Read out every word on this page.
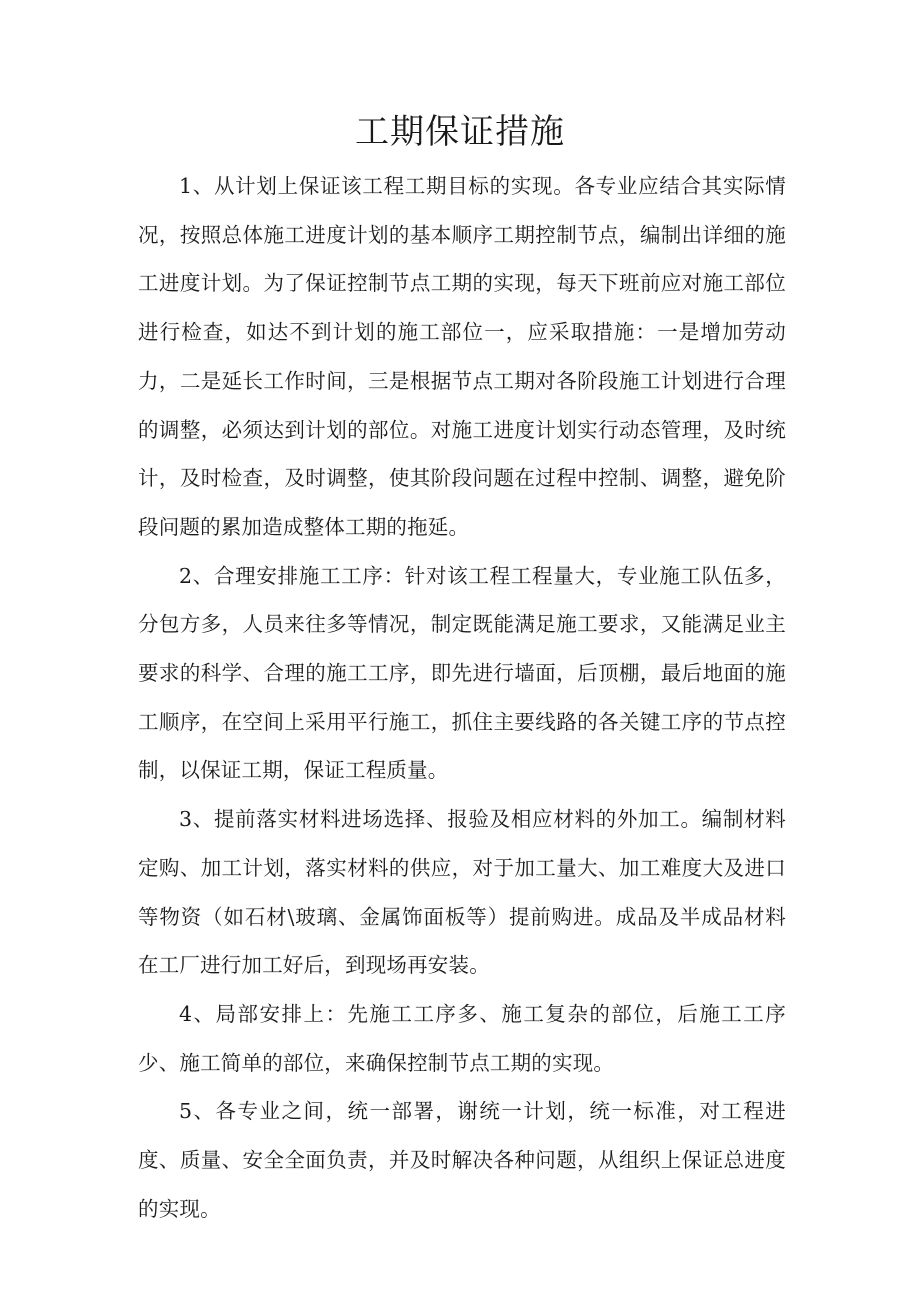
工期保证措施

1、从计划上保证该工程工期目标的实现。各专业应结合其实际情况，按照总体施工进度计划的基本顺序工期控制节点，编制出详细的施工进度计划。为了保证控制节点工期的实现，每天下班前应对施工部位进行检查，如达不到计划的施工部位一，应采取措施：一是增加劳动力，二是延长工作时间，三是根据节点工期对各阶段施工计划进行合理的调整，必须达到计划的部位。对施工进度计划实行动态管理，及时统计，及时检查，及时调整，使其阶段问题在过程中控制、调整，避免阶段问题的累加造成整体工期的拖延。

2、合理安排施工工序：针对该工程工程量大，专业施工队伍多，分包方多，人员来往多等情况，制定既能满足施工要求，又能满足业主要求的科学、合理的施工工序，即先进行墙面，后顶棚，最后地面的施工顺序，在空间上采用平行施工，抓住主要线路的各关键工序的节点控制，以保证工期，保证工程质量。

3、提前落实材料进场选择、报验及相应材料的外加工。编制材料定购、加工计划，落实材料的供应，对于加工量大、加工难度大及进口等物资（如石材\玻璃、金属饰面板等）提前购进。成品及半成品材料在工厂进行加工好后，到现场再安装。

4、局部安排上：先施工工序多、施工复杂的部位，后施工工序少、施工简单的部位，来确保控制节点工期的实现。

5、各专业之间，统一部署，谢统一计划，统一标准，对工程进度、质量、安全全面负责，并及时解决各种问题，从组织上保证总进度的实现。
